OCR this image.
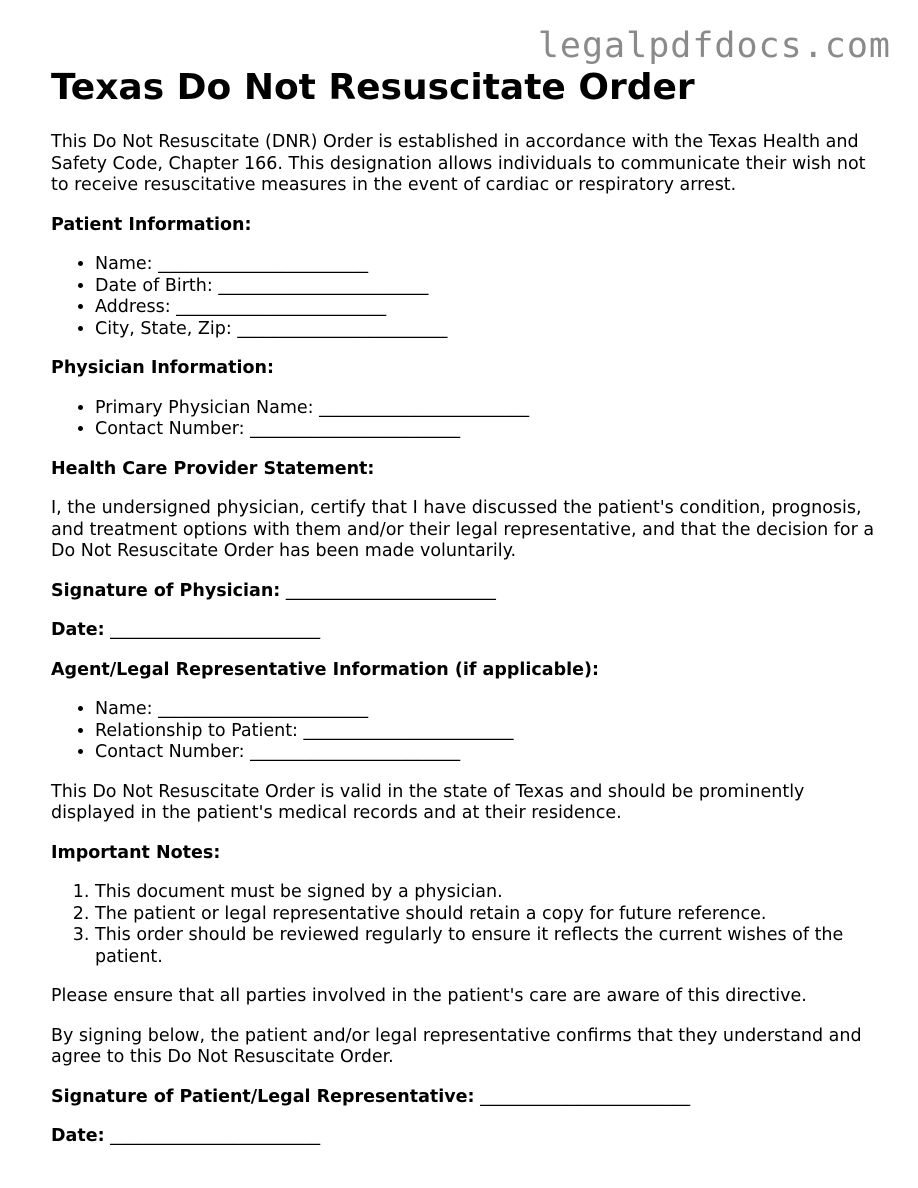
legalpdfdocs.com
Texas Do Not Resuscitate Order

This Do Not Resuscitate (DNR) Order is established in accordance with the Texas Health and Safety Code, Chapter 166. This designation allows individuals to communicate their wish not to receive resuscitative measures in the event of cardiac or respiratory arrest.

Patient Information:
• Name: ________________________
• Date of Birth: ________________________
• Address: ________________________
• City, State, Zip: ________________________
Physician Information:
• Primary Physician Name: ________________________
• Contact Number: ________________________
Health Care Provider Statement:

I, the undersigned physician, certify that I have discussed the patient's condition, prognosis, and treatment options with them and/or their legal representative, and that the decision for a Do Not Resuscitate Order has been made voluntarily.

Signature of Physician: ________________________
Date: ________________________
Agent/Legal Representative Information (if applicable):
• Name: ________________________
• Relationship to Patient: ________________________
• Contact Number: ________________________

This Do Not Resuscitate Order is valid in the state of Texas and should be prominently displayed in the patient's medical records and at their residence.

Important Notes:
1. This document must be signed by a physician.
2. The patient or legal representative should retain a copy for future reference.
3. This order should be reviewed regularly to ensure it reflects the current wishes of the patient.

Please ensure that all parties involved in the patient's care are aware of this directive.

By signing below, the patient and/or legal representative confirms that they understand and agree to this Do Not Resuscitate Order.

Signature of Patient/Legal Representative: ________________________
Date: ________________________
